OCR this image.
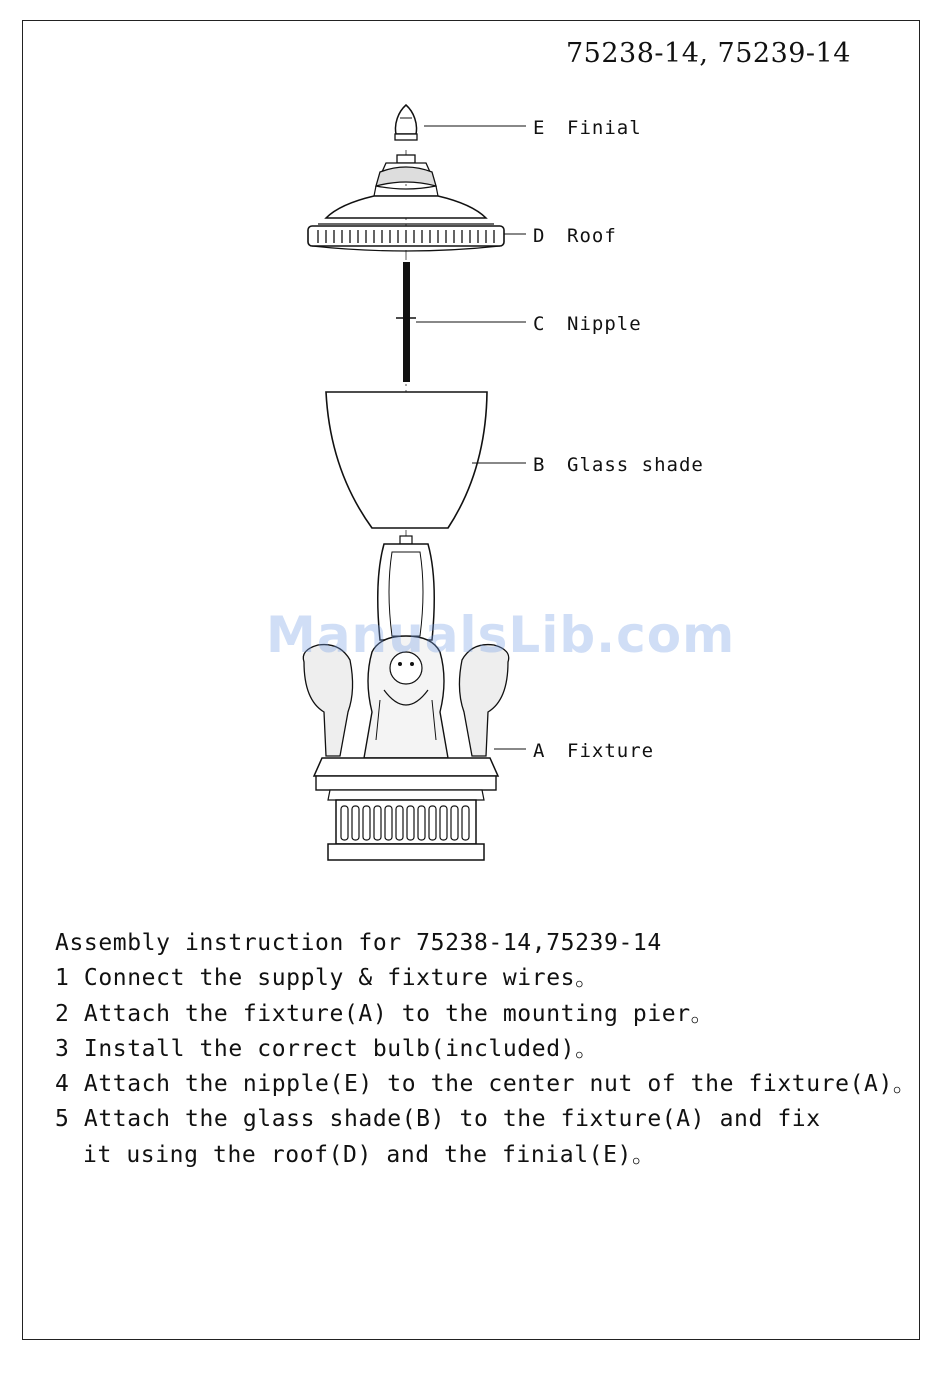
75238-14, 75239-14
E Finial
D Roof
C Nipple
B Glass shade
A Fixture
ManualsLib.com
Assembly instruction for 75238-14,75239-14
1 Connect the supply & fixture wires。
2 Attach the fixture(A) to the mounting pier。
3 Install the correct bulb(included)。
4 Attach the nipple(E) to the center nut of the fixture(A)。
5 Attach the glass shade(B) to the fixture(A) and fix
it using the roof(D) and the finial(E)。
